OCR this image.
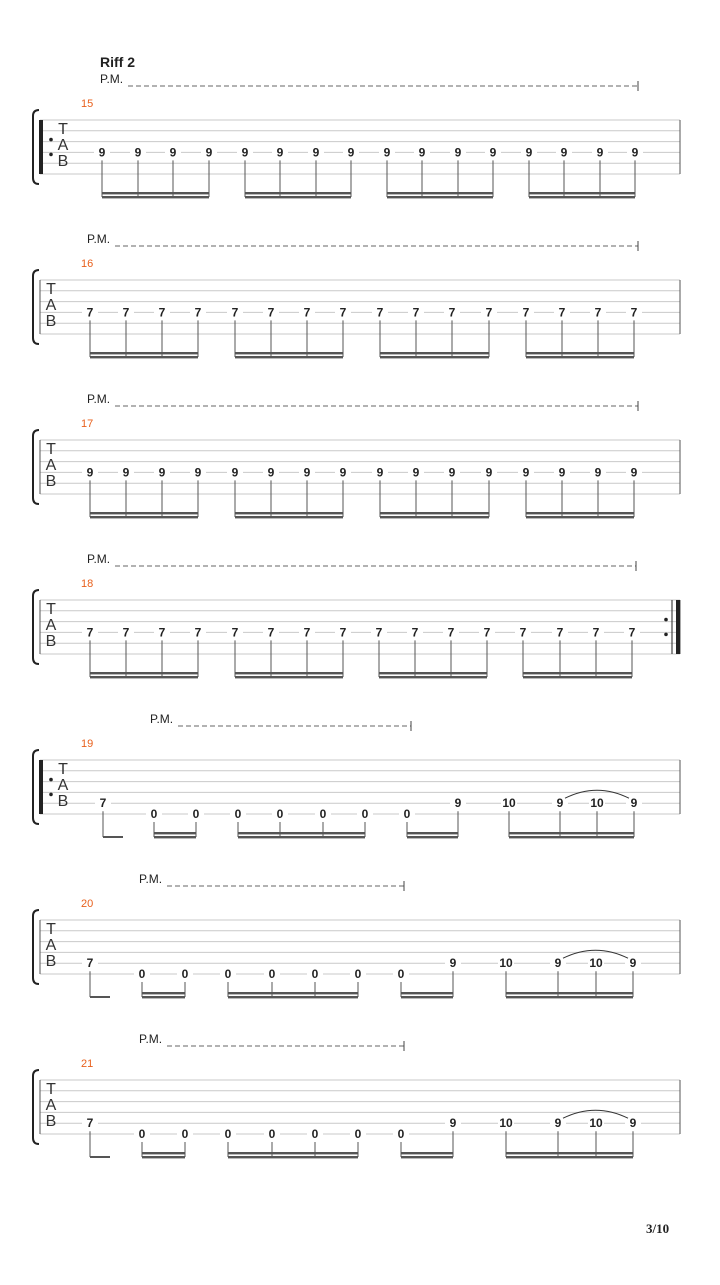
Riff 2
P.M.
15
T
A
B
9 9 9 9 9 9 9 9 9 9 9 9 9 9 9 9
P.M.
16
T
A
B
7 7 7 7	7 7 7 7	7 7 7	7	7 7 7 7
P.M.
17
T
A
B
9 9 9 9	9 9 9 9	9 9 9	9	9 9 9 9
P.M.
18
T
A
B
7 7 7 7	7 7 7 7 7 7 7 7 7	7 7 7
P.M.
19
T
A
B	7
0	0	0	0	0	0	0
9	10	9 10 9
P.M.
20
T
A
B	7
0	0	0	0	0	0	0
9	10	9 10 9
P.M.
21
T
A
B	7
0	0	0	0	0	0	0
9	10	9 10 9
3/10
